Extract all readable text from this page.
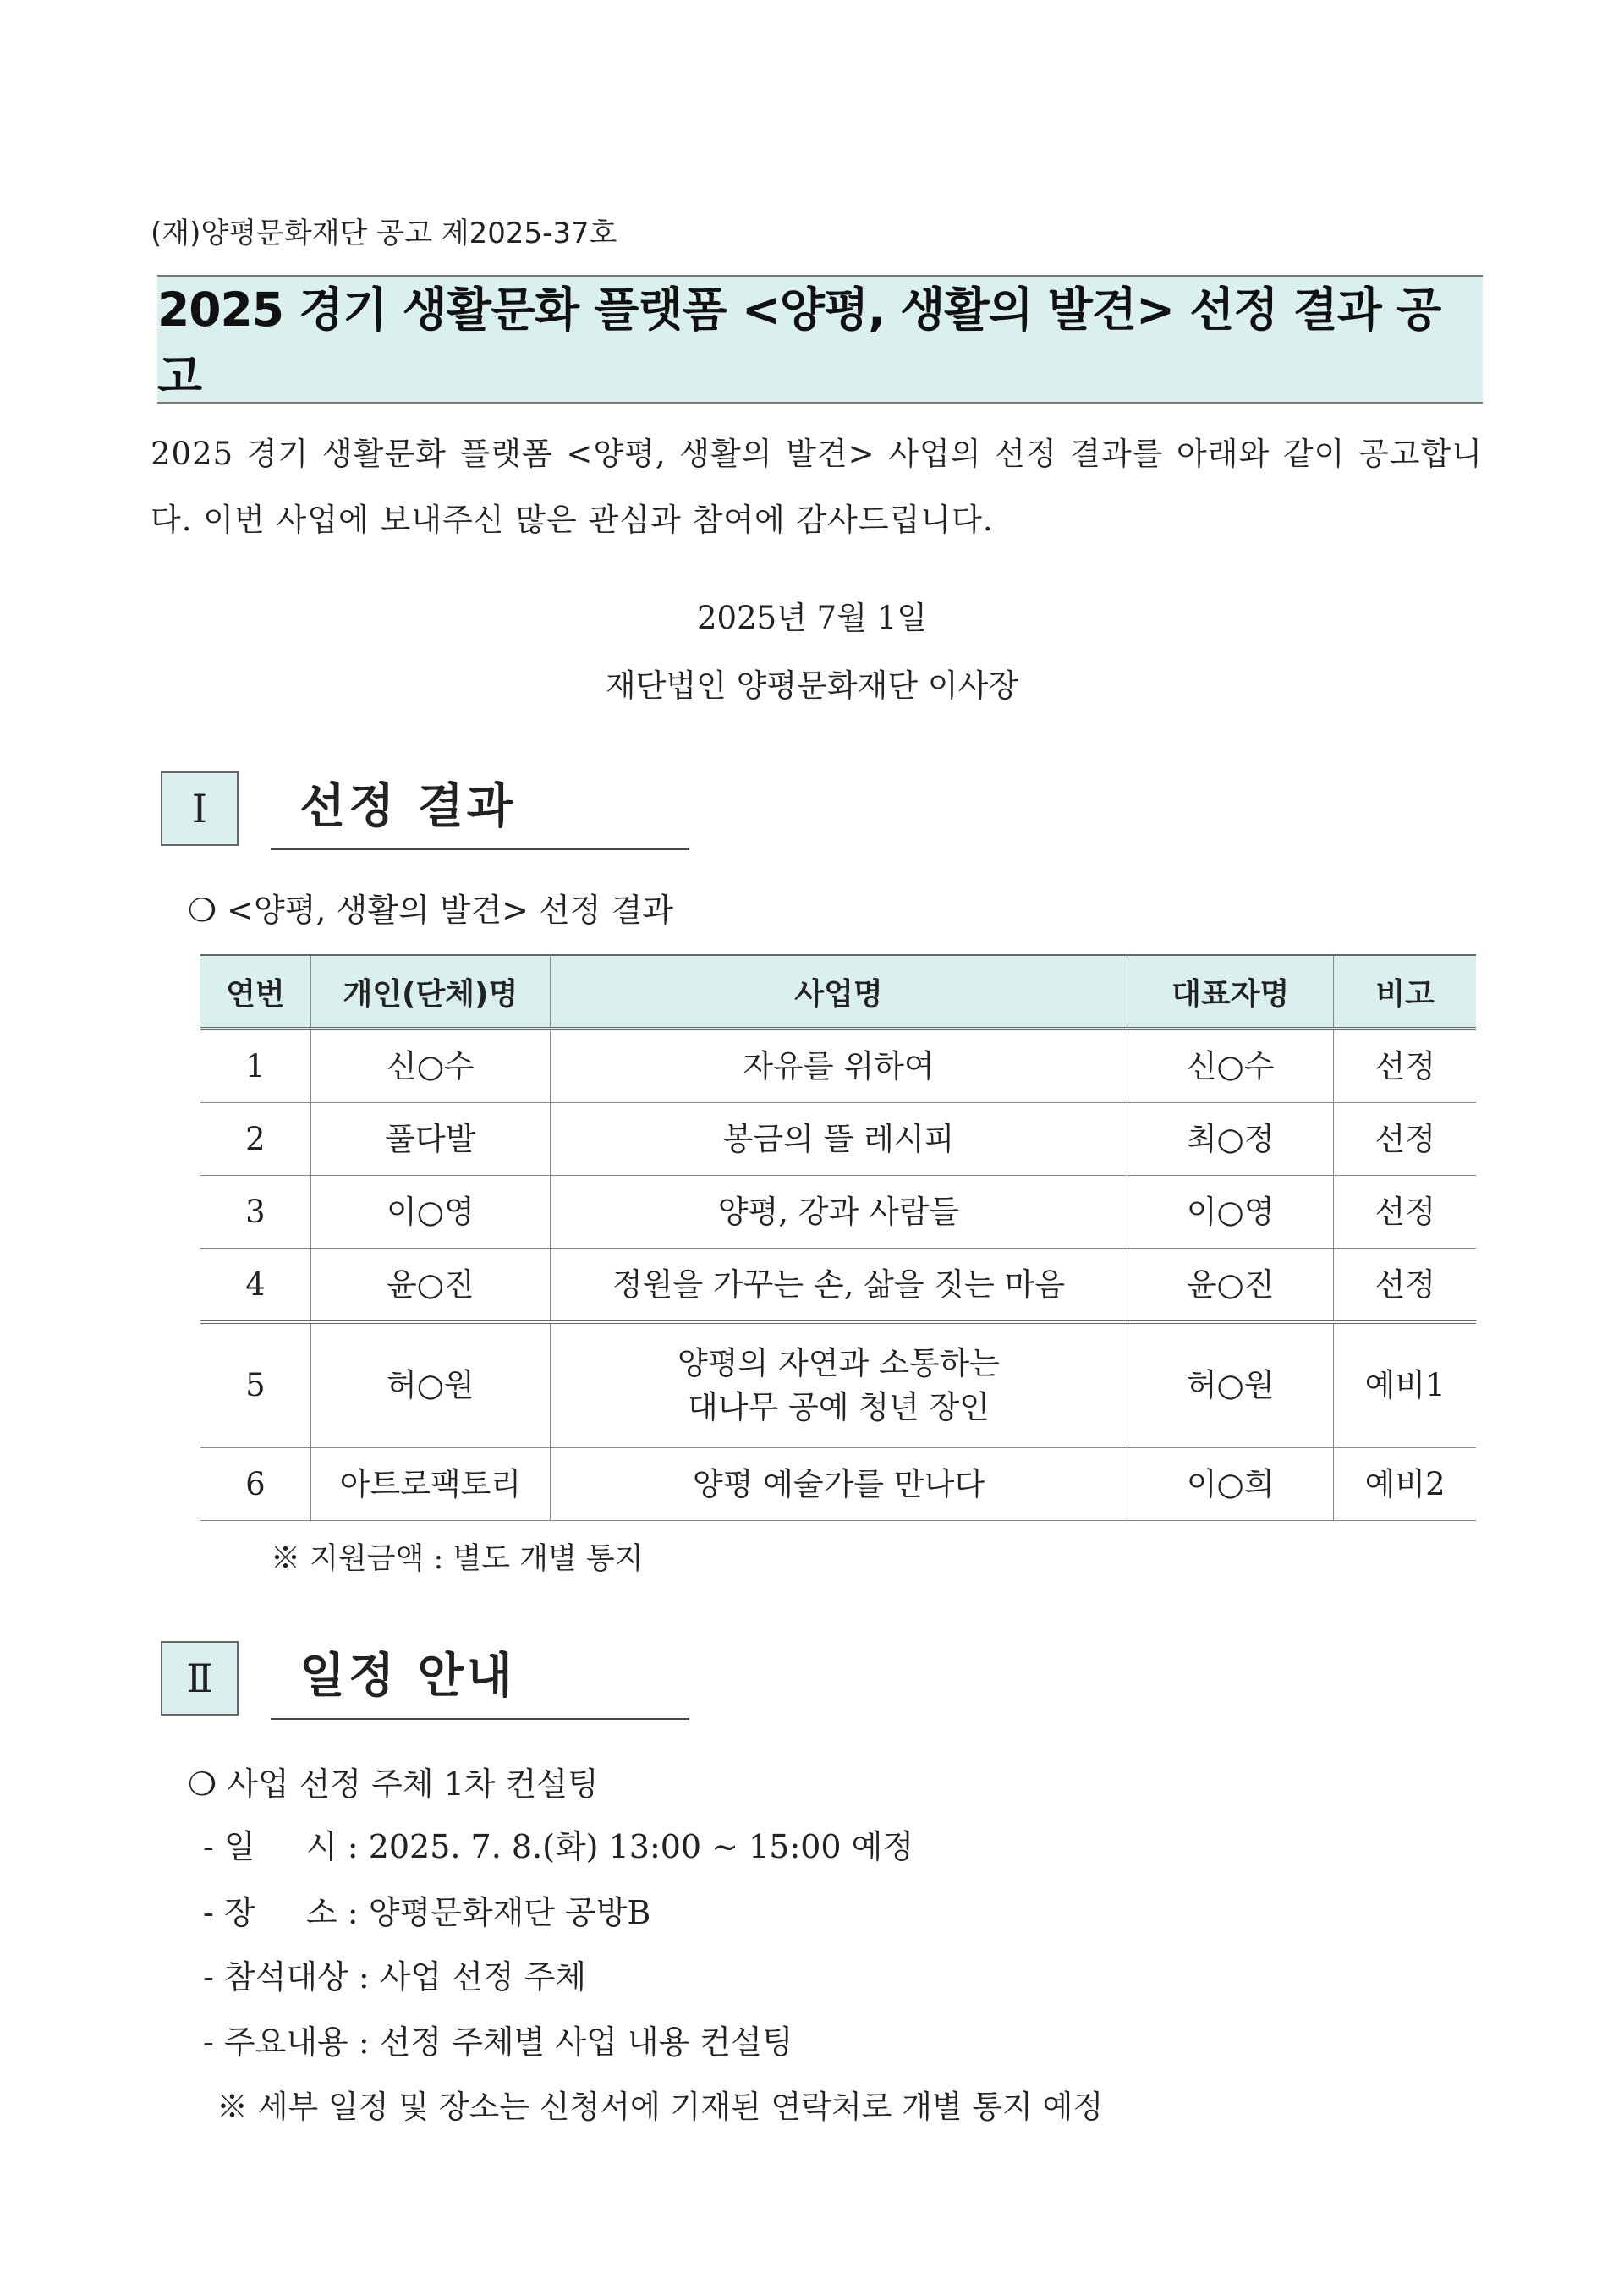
(재)양평문화재단 공고 제2025-37호
2025 경기 생활문화 플랫폼 <양평, 생활의 발견> 선정 결과 공고
2025 경기 생활문화 플랫폼 <양평, 생활의 발견> 사업의 선정 결과를 아래와 같이 공고합니다. 이번 사업에 보내주신 많은 관심과 참여에 감사드립니다.
2025년 7월 1일
재단법인 양평문화재단 이사장
Ⅰ	선정 결과
❍ <양평, 생활의 발견> 선정 결과
연번	개인(단체)명	사업명	대표자명	비고
1	신○수	자유를 위하여	신○수	선정
2	풀다발	봉금의 뜰 레시피	최○정	선정
3	이○영	양평, 강과 사람들	이○영	선정
4	윤○진	정원을 가꾸는 손, 삶을 짓는 마음	윤○진	선정
5	허○원	양평의 자연과 소통하는
대나무 공예 청년 장인	허○원	예비1
6	아트로팩토리	양평 예술가를 만나다	이○희	예비2
※ 지원금액 : 별도 개별 통지
Ⅱ	일정 안내
❍ 사업 선정 주체 1차 컨설팅
- 일     시 : 2025. 7. 8.(화) 13:00 ~ 15:00 예정
- 장     소 : 양평문화재단 공방B
- 참석대상 : 사업 선정 주체
- 주요내용 : 선정 주체별 사업 내용 컨설팅
※ 세부 일정 및 장소는 신청서에 기재된 연락처로 개별 통지 예정
